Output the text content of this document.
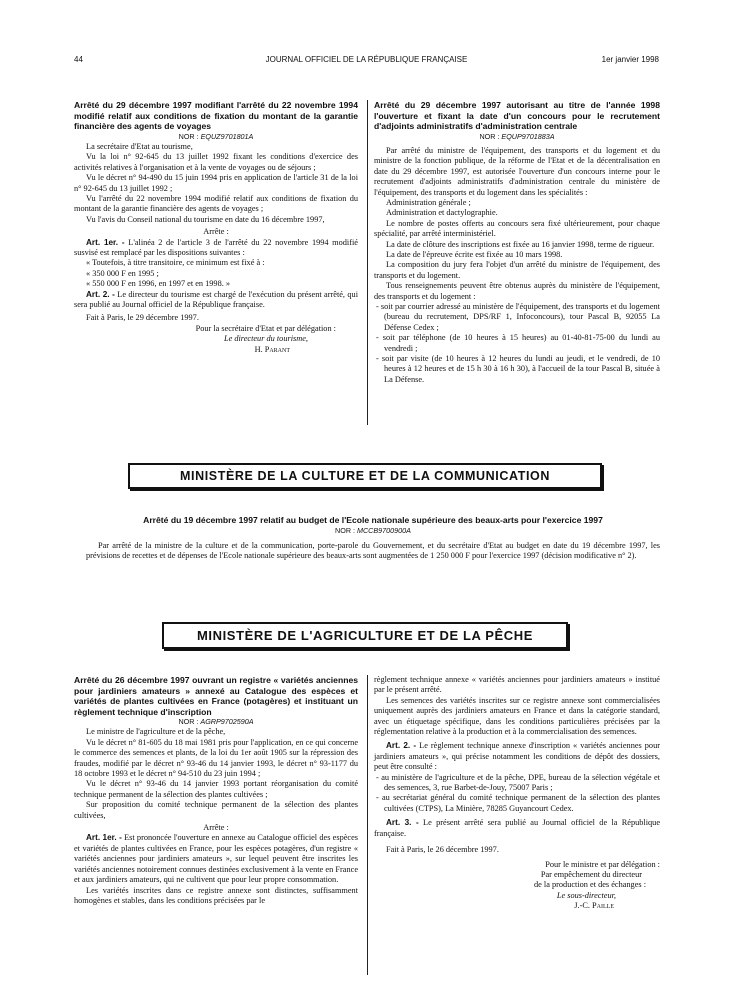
44	JOURNAL OFFICIEL DE LA RÉPUBLIQUE FRANÇAISE	1er janvier 1998

Arrêté du 29 décembre 1997 modifiant l'arrêté du 22 novembre 1994 modifié relatif aux conditions de fixation du montant de la garantie financière des agents de voyages

NOR : EQUZ9701801A

La secrétaire d'Etat au tourisme,

Vu la loi n° 92-645 du 13 juillet 1992 fixant les conditions d'exercice des activités relatives à l'organisation et à la vente de voyages ou de séjours ;

Vu le décret n° 94-490 du 15 juin 1994 pris en application de l'article 31 de la loi n° 92-645 du 13 juillet 1992 ;

Vu l'arrêté du 22 novembre 1994 modifié relatif aux conditions de fixation du montant de la garantie financière des agents de voyages ;

Vu l'avis du Conseil national du tourisme en date du 16 décembre 1997,

Arrête :

Art. 1er. - L'alinéa 2 de l'article 3 de l'arrêté du 22 novembre 1994 modifié susvisé est remplacé par les dispositions suivantes :

« Toutefois, à titre transitoire, ce minimum est fixé à :

« 350 000 F en 1995 ;

« 550 000 F en 1996, en 1997 et en 1998. »

Art. 2. - Le directeur du tourisme est chargé de l'exécution du présent arrêté, qui sera publié au Journal officiel de la République française.

Fait à Paris, le 29 décembre 1997.

Pour la secrétaire d'Etat et par délégation :

Le directeur du tourisme,

H. Parant

Arrêté du 29 décembre 1997 autorisant au titre de l'année 1998 l'ouverture et fixant la date d'un concours pour le recrutement d'adjoints administratifs d'administration centrale

NOR : EQUP9701883A

Par arrêté du ministre de l'équipement, des transports et du logement et du ministre de la fonction publique, de la réforme de l'Etat et de la décentralisation en date du 29 décembre 1997, est autorisée l'ouverture d'un concours interne pour le recrutement d'adjoints administratifs d'administration centrale du ministère de l'équipement, des transports et du logement dans les spécialités :

Administration générale ;

Administration et dactylographie.

Le nombre de postes offerts au concours sera fixé ultérieurement, pour chaque spécialité, par arrêté interministériel.

La date de clôture des inscriptions est fixée au 16 janvier 1998, terme de rigueur.

La date de l'épreuve écrite est fixée au 10 mars 1998.

La composition du jury fera l'objet d'un arrêté du ministre de l'équipement, des transports et du logement.

Tous renseignements peuvent être obtenus auprès du ministère de l'équipement, des transports et du logement :

- soit par courrier adressé au ministère de l'équipement, des transports et du logement (bureau du recrutement, DPS/RF 1, Infoconcours), tour Pascal B, 92055 La Défense Cedex ;

- soit par téléphone (de 10 heures à 15 heures) au 01-40-81-75-00 du lundi au vendredi ;

- soit par visite (de 10 heures à 12 heures du lundi au jeudi, et le vendredi, de 10 heures à 12 heures et de 15 h 30 à 16 h 30), à l'accueil de la tour Pascal B, située à La Défense.

MINISTÈRE DE LA CULTURE ET DE LA COMMUNICATION

Arrêté du 19 décembre 1997 relatif au budget de l'Ecole nationale supérieure des beaux-arts pour l'exercice 1997

NOR : MCCB9700900A

Par arrêté de la ministre de la culture et de la communication, porte-parole du Gouvernement, et du secrétaire d'Etat au budget en date du 19 décembre 1997, les prévisions de recettes et de dépenses de l'Ecole nationale supérieure des beaux-arts sont augmentées de 1 250 000 F pour l'exercice 1997 (décision modificative n° 2).

MINISTÈRE DE L'AGRICULTURE ET DE LA PÊCHE

Arrêté du 26 décembre 1997 ouvrant un registre « variétés anciennes pour jardiniers amateurs » annexé au Catalogue des espèces et variétés de plantes cultivées en France (potagères) et instituant un règlement technique d'inscription

NOR : AGRP9702590A

Le ministre de l'agriculture et de la pêche,

Vu le décret n° 81-605 du 18 mai 1981 pris pour l'application, en ce qui concerne le commerce des semences et plants, de la loi du 1er août 1905 sur la répression des fraudes, modifié par le décret n° 93-46 du 14 janvier 1993, le décret n° 93-1177 du 18 octobre 1993 et le décret n° 94-510 du 23 juin 1994 ;

Vu le décret n° 93-46 du 14 janvier 1993 portant réorganisation du comité technique permanent de la sélection des plantes cultivées ;

Sur proposition du comité technique permanent de la sélection des plantes cultivées,

Arrête :

Art. 1er. - Est prononcée l'ouverture en annexe au Catalogue officiel des espèces et variétés de plantes cultivées en France, pour les espèces potagères, d'un registre « variétés anciennes pour jardiniers amateurs », sur lequel peuvent être inscrites les variétés anciennes notoirement connues destinées exclusivement à la vente en France et aux jardiniers amateurs, qui ne cultivent que pour leur propre consommation.

Les variétés inscrites dans ce registre annexe sont distinctes, suffisamment homogènes et stables, dans les conditions précisées par le

règlement technique annexe « variétés anciennes pour jardiniers amateurs » institué par le présent arrêté.

Les semences des variétés inscrites sur ce registre annexe sont commercialisées uniquement auprès des jardiniers amateurs en France et dans la catégorie standard, avec un étiquetage spécifique, dans les conditions particulières précisées par la réglementation relative à la production et à la commercialisation des semences.

Art. 2. - Le règlement technique annexe d'inscription « variétés anciennes pour jardiniers amateurs », qui précise notamment les conditions de dépôt des dossiers, peut être consulté :

- au ministère de l'agriculture et de la pêche, DPE, bureau de la sélection végétale et des semences, 3, rue Barbet-de-Jouy, 75007 Paris ;

- au secrétariat général du comité technique permanent de la sélection des plantes cultivées (CTPS), La Minière, 78285 Guyancourt Cedex.

Art. 3. - Le présent arrêté sera publié au Journal officiel de la République française.

Fait à Paris, le 26 décembre 1997.

Pour le ministre et par délégation :

Par empêchement du directeur

de la production et des échanges :

Le sous-directeur,

J.-C. Paille
